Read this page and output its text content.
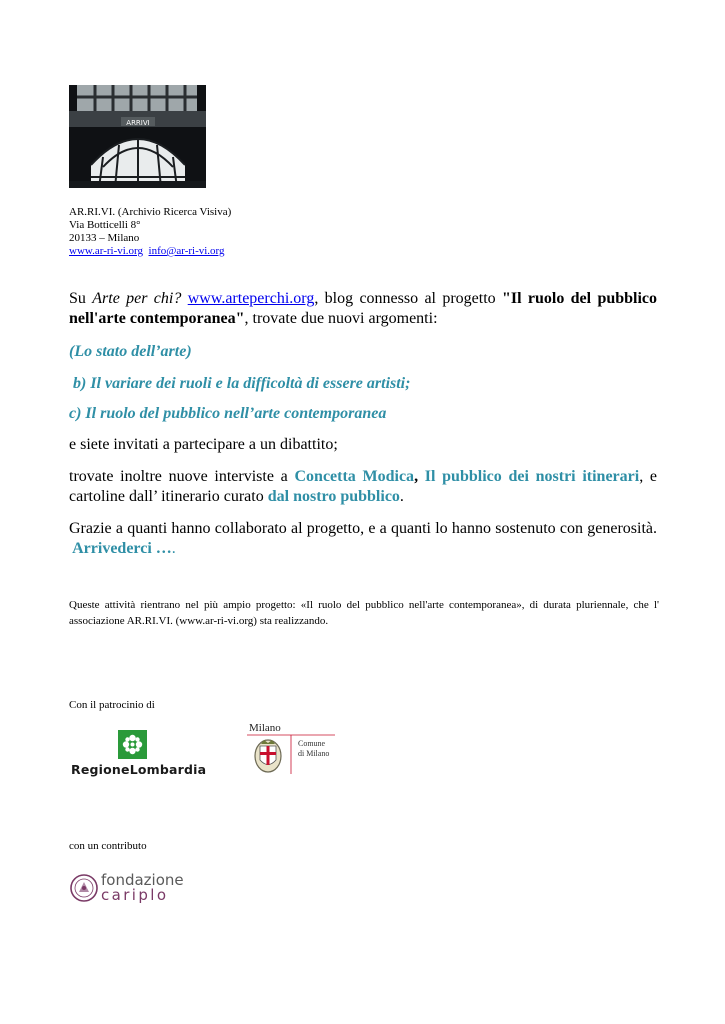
ARRIVI
AR.RI.VI. (Archivio Ricerca Visiva)
Via Botticelli 8°
20133 – Milano
www.ar-ri-vi.org info@ar-ri-vi.org
Su Arte per chi? www.arteperchi.org, blog connesso al progetto "Il ruolo del pubblico nell'arte contemporanea", trovate due nuovi argomenti:
(Lo stato dell’arte)
b) Il variare dei ruoli e la difficoltà di essere artisti;
c) Il ruolo del pubblico nell’arte contemporanea
e siete invitati a partecipare a un dibattito;
trovate inoltre nuove interviste a Concetta Modica, Il pubblico dei nostri itinerari, e cartoline dall’ itinerario curato dal nostro pubblico.
Grazie a quanti hanno collaborato al progetto, e a quanti lo hanno sostenuto con generosità. Arrivederci ….
Queste attività rientrano nel più ampio progetto: «Il ruolo del pubblico nell'arte contemporanea», di durata pluriennale, che l' associazione AR.RI.VI. (www.ar-ri-vi.org) sta realizzando.
Con il patrocinio di
RegioneLombardia
Milano
Comune
di Milano
con un contributo
fondazione
cariplo
